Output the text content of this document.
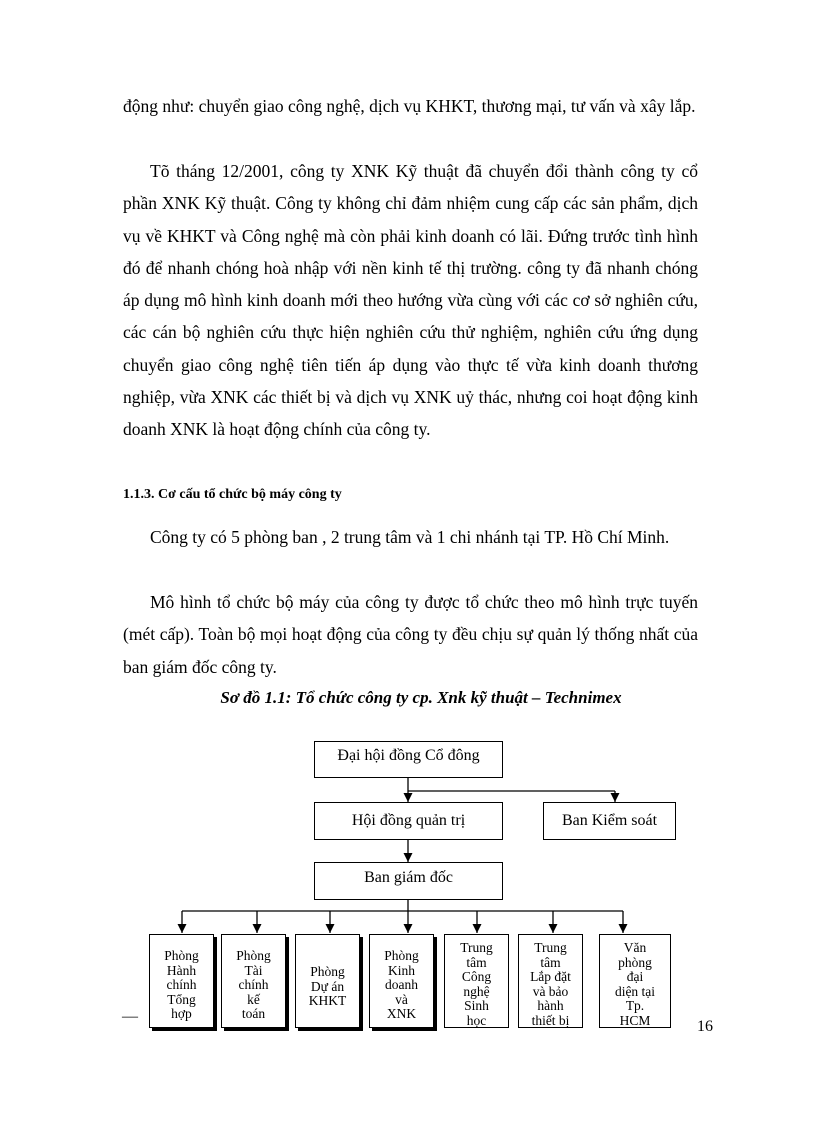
động như: chuyển giao công nghệ, dịch vụ KHKT, thương mại, tư vấn và xây lắp.

Tõ tháng 12/2001, công ty XNK Kỹ thuật đã chuyển đổi thành công ty cổ phần XNK Kỹ thuật. Công ty không chỉ đảm nhiệm cung cấp các sản phẩm, dịch vụ về KHKT và Công nghệ mà còn phải kinh doanh có lãi. Đứng trước tình hình đó để nhanh chóng hoà nhập với nền kinh tế thị trường. công ty đã nhanh chóng áp dụng mô hình kinh doanh mới theo hướng vừa cùng với các cơ sở nghiên cứu, các cán bộ nghiên cứu thực hiện nghiên cứu thử nghiệm, nghiên cứu ứng dụng chuyển giao công nghệ tiên tiến áp dụng vào thực tế vừa kinh doanh thương nghiệp, vừa XNK các thiết bị và dịch vụ XNK uỷ thác, nhưng coi hoạt động kinh doanh XNK là hoạt động chính của công ty.

1.1.3. Cơ cấu tổ chức bộ máy công ty

Công ty có 5 phòng ban , 2 trung tâm và 1 chi nhánh tại TP. Hồ Chí Minh.

Mô hình tổ chức bộ máy của công ty được tổ chức theo mô hình trực tuyến (mét cấp). Toàn bộ mọi hoạt động của công ty đều chịu sự quản lý thống nhất của ban giám đốc công ty.

Sơ đồ 1.1: Tổ chức công ty cp. Xnk kỹ thuật – Technimex

Đại hội đồng Cổ đông
Hội đồng quản trị	Ban Kiểm soát
Ban giám đốc
Phòng
Hành
chính
Tổng
hợp
Phòng
Tài
chính
kế
toán
Phòng
Dự án
KHKT
Phòng
Kinh
doanh
và
XNK
Trung
tâm
Công
nghệ
Sinh
học
Trung
tâm
Lắp đặt
và bảo
hành
thiết bị
Văn
phòng
đại
diện tại
Tp.
HCM
—
16
